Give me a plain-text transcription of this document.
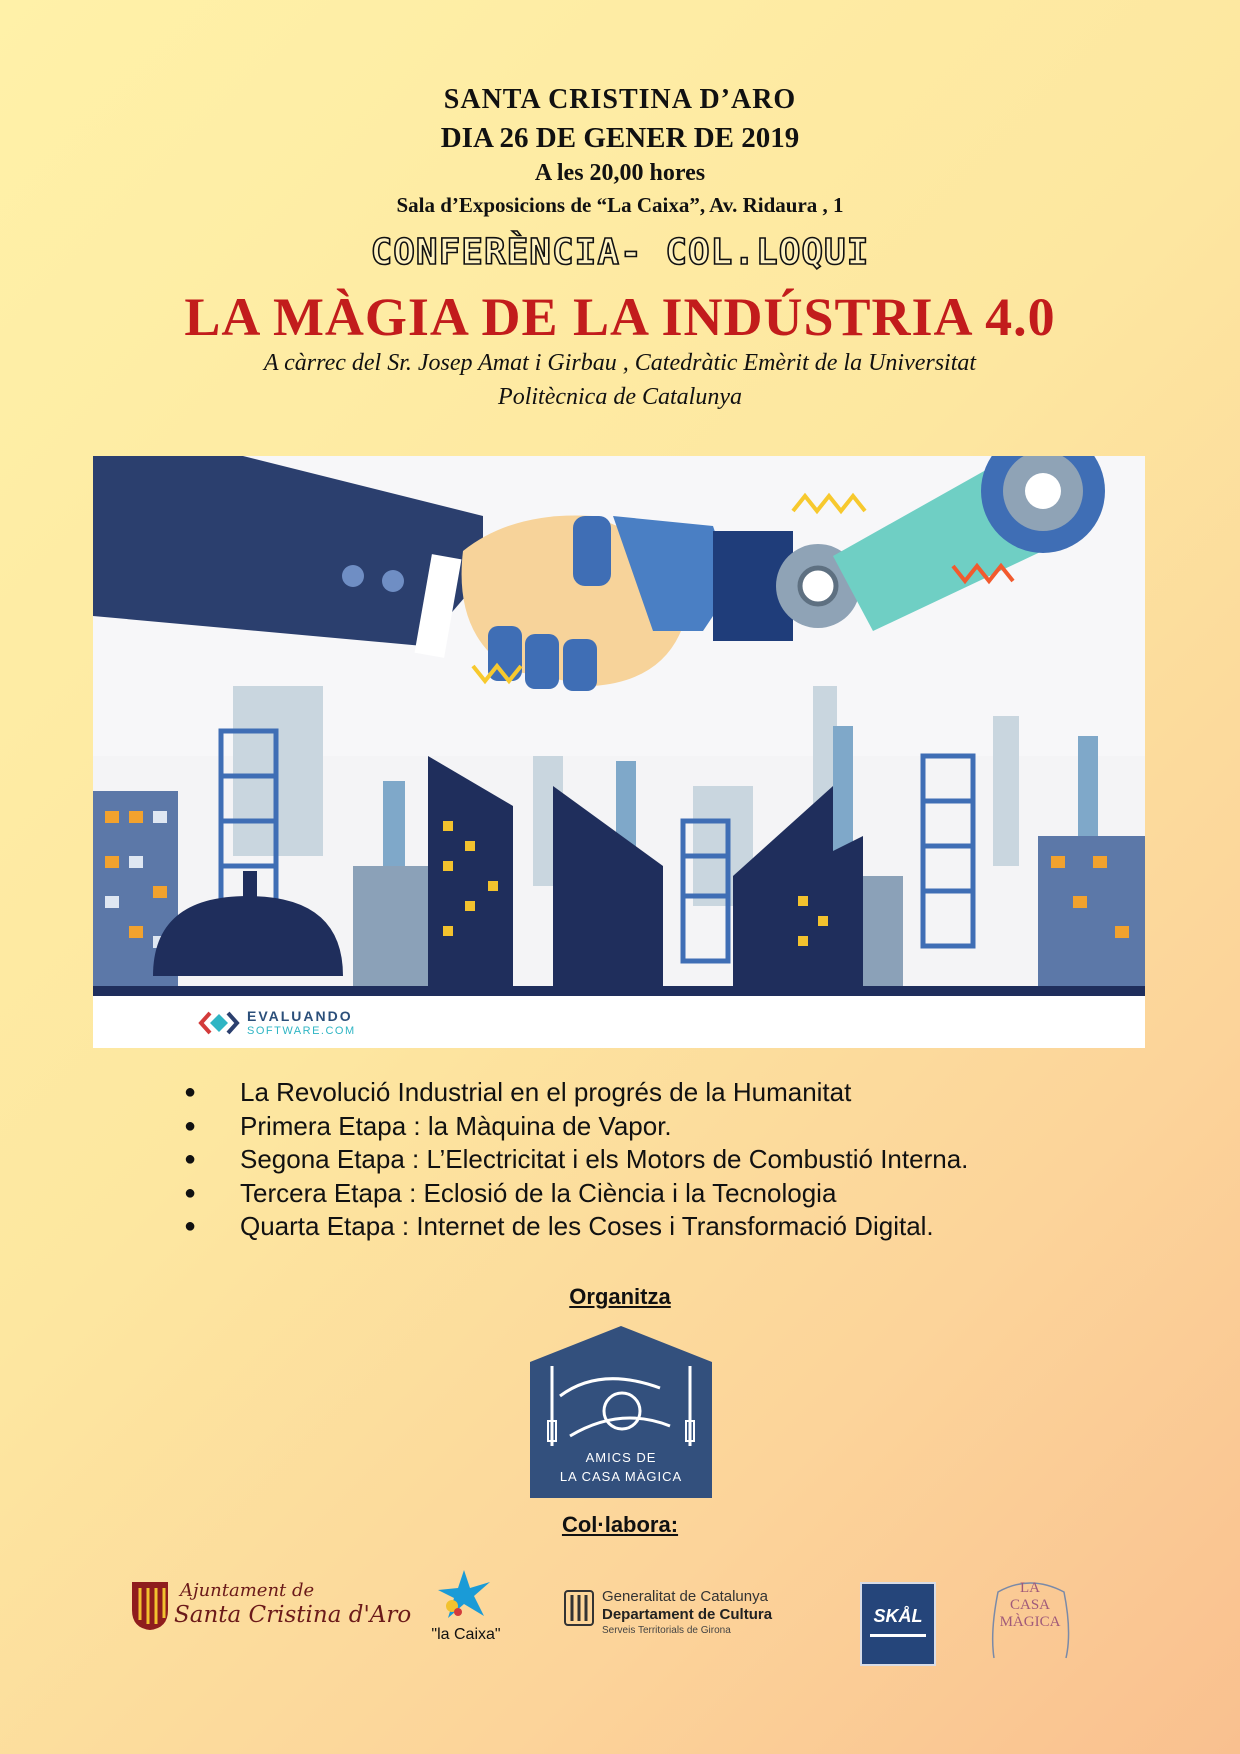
SANTA CRISTINA D’ARO
DIA 26 DE GENER DE 2019
A les 20,00 hores
Sala d’Exposicions de “La Caixa”, Av. Ridaura , 1
CONFERÈNCIA- COL.LOQUI
LA MÀGIA DE LA INDÚSTRIA 4.0
A càrrec del Sr. Josep Amat i Girbau , Catedràtic Emèrit de la Universitat
Politècnica de Catalunya
EVALUANDO
SOFTWARE.COM
● La Revolució Industrial en el progrés de la Humanitat
● Primera Etapa : la Màquina de Vapor.
● Segona Etapa : L’Electricitat i els Motors de Combustió Interna.
● Tercera Etapa : Eclosió de la Ciència i la Tecnologia
● Quarta Etapa : Internet de les Coses i Transformació Digital.
Organitza
AMICS DE
LA CASA MÀGICA
Col·labora:
Ajuntament de
Santa Cristina d'Aro
"la Caixa"
Generalitat de Catalunya
Departament de Cultura
Serveis Territorials de Girona
SKÅL
LA
CASA
MÀGICA
